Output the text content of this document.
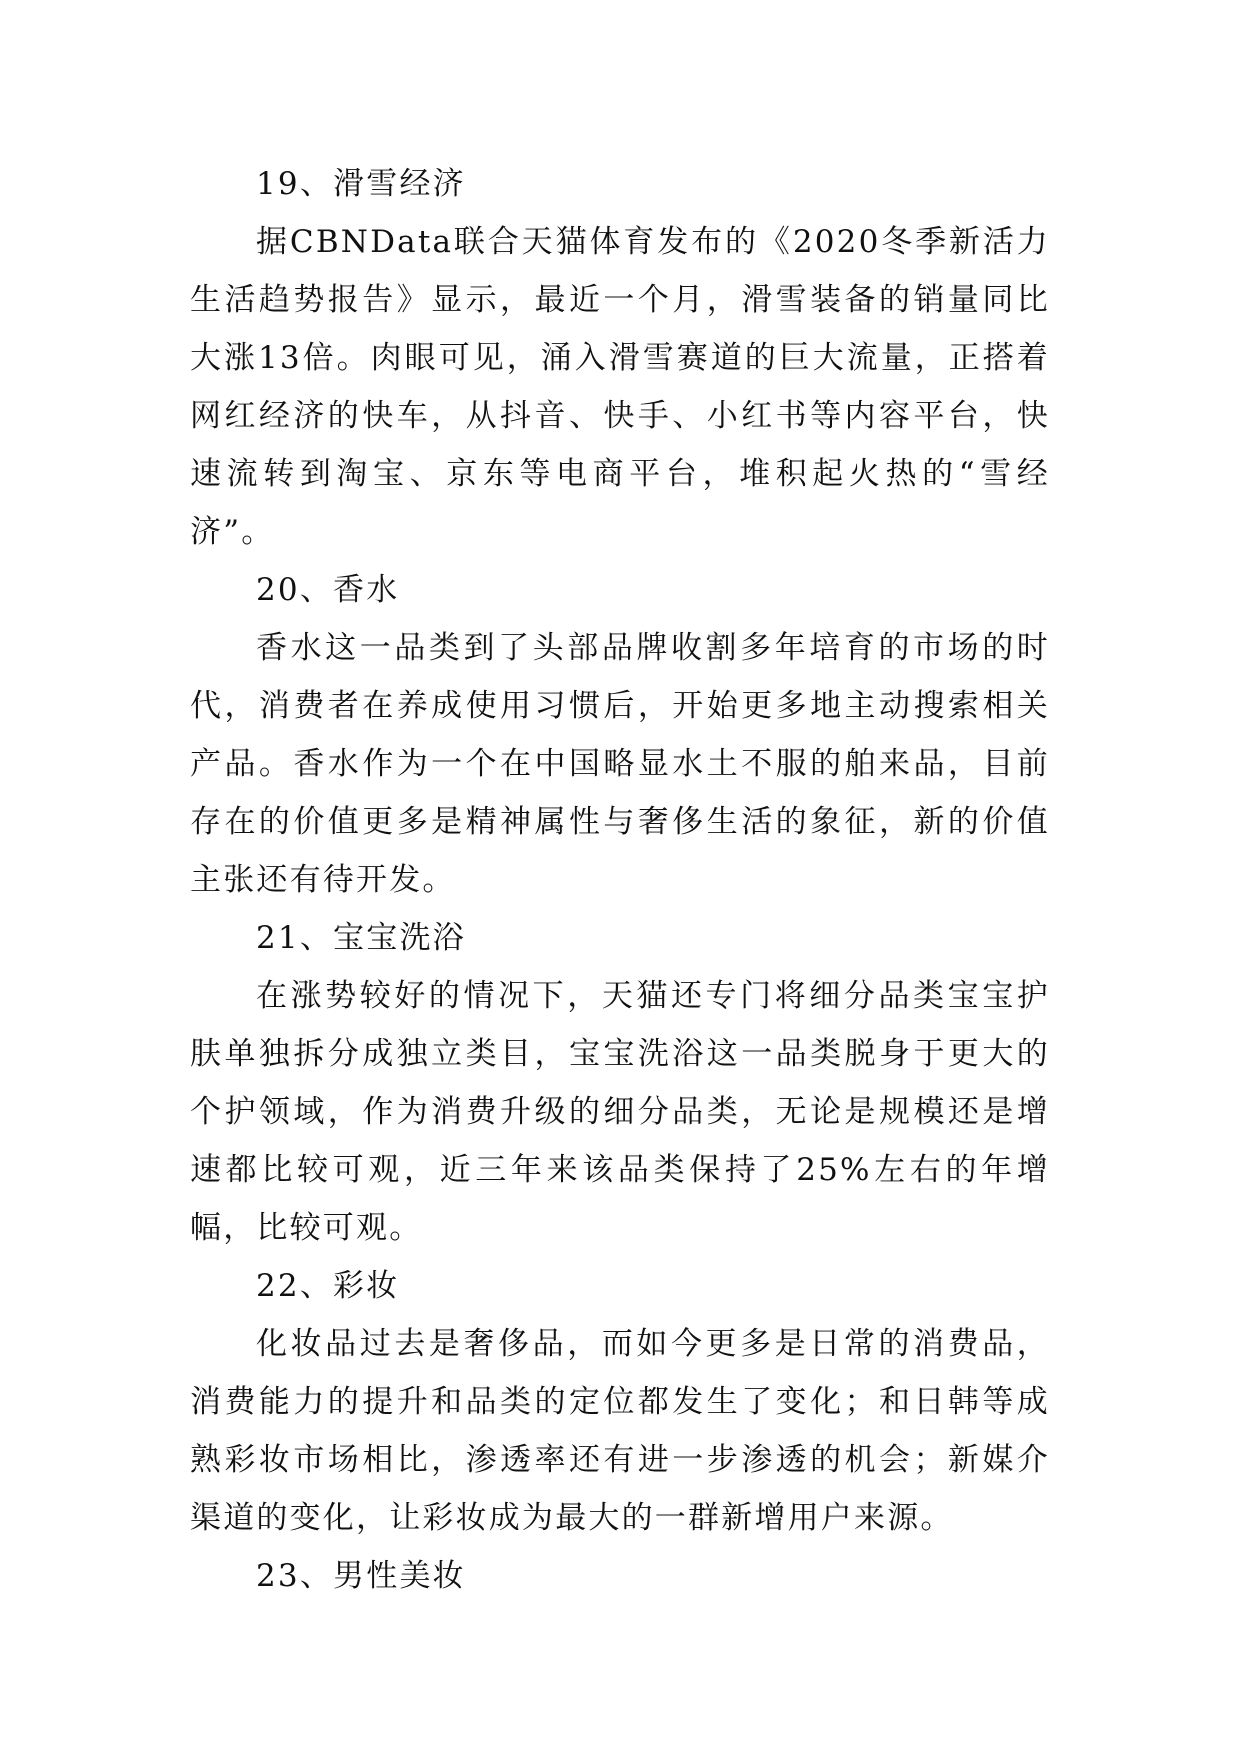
19、滑雪经济

据CBNData联合天猫体育发布的《2020冬季新活力生活趋势报告》显示，最近一个月，滑雪装备的销量同比大涨13倍。肉眼可见，涌入滑雪赛道的巨大流量，正搭着网红经济的快车，从抖音、快手、小红书等内容平台，快速流转到淘宝、京东等电商平台，堆积起火热的“雪经济”。

20、香水

香水这一品类到了头部品牌收割多年培育的市场的时代，消费者在养成使用习惯后，开始更多地主动搜索相关产品。香水作为一个在中国略显水土不服的舶来品，目前存在的价值更多是精神属性与奢侈生活的象征，新的价值主张还有待开发。

21、宝宝洗浴

在涨势较好的情况下，天猫还专门将细分品类宝宝护肤单独拆分成独立类目，宝宝洗浴这一品类脱身于更大的个护领域，作为消费升级的细分品类，无论是规模还是增速都比较可观，近三年来该品类保持了25%左右的年增幅，比较可观。

22、彩妆

化妆品过去是奢侈品，而如今更多是日常的消费品，消费能力的提升和品类的定位都发生了变化；和日韩等成熟彩妆市场相比，渗透率还有进一步渗透的机会；新媒介渠道的变化，让彩妆成为最大的一群新增用户来源。

23、男性美妆
